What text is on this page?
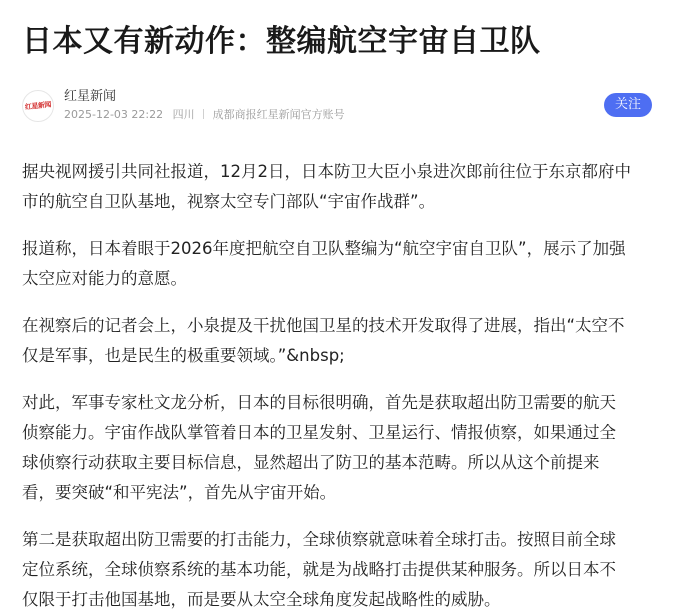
日本又有新动作：整编航空宇宙自卫队
红星新闻
红星新闻
2025-12-03 22:22 四川 成都商报红星新闻官方账号
关注

据央视网援引共同社报道，12月2日，日本防卫大臣小泉进次郎前往位于东京都府中
市的航空自卫队基地，视察太空专门部队“宇宙作战群”。

报道称，日本着眼于2026年度把航空自卫队整编为“航空宇宙自卫队”，展示了加强
太空应对能力的意愿。

在视察后的记者会上，小泉提及干扰他国卫星的技术开发取得了进展，指出“太空不
仅是军事，也是民生的极重要领域。”&nbsp;

对此，军事专家杜文龙分析，日本的目标很明确，首先是获取超出防卫需要的航天
侦察能力。宇宙作战队掌管着日本的卫星发射、卫星运行、情报侦察，如果通过全
球侦察行动获取主要目标信息，显然超出了防卫的基本范畴。所以从这个前提来
看，要突破“和平宪法”，首先从宇宙开始。

第二是获取超出防卫需要的打击能力，全球侦察就意味着全球打击。按照目前全球
定位系统，全球侦察系统的基本功能，就是为战略打击提供某种服务。所以日本不
仅限于打击他国基地，而是要从太空全球角度发起战略性的威胁。
